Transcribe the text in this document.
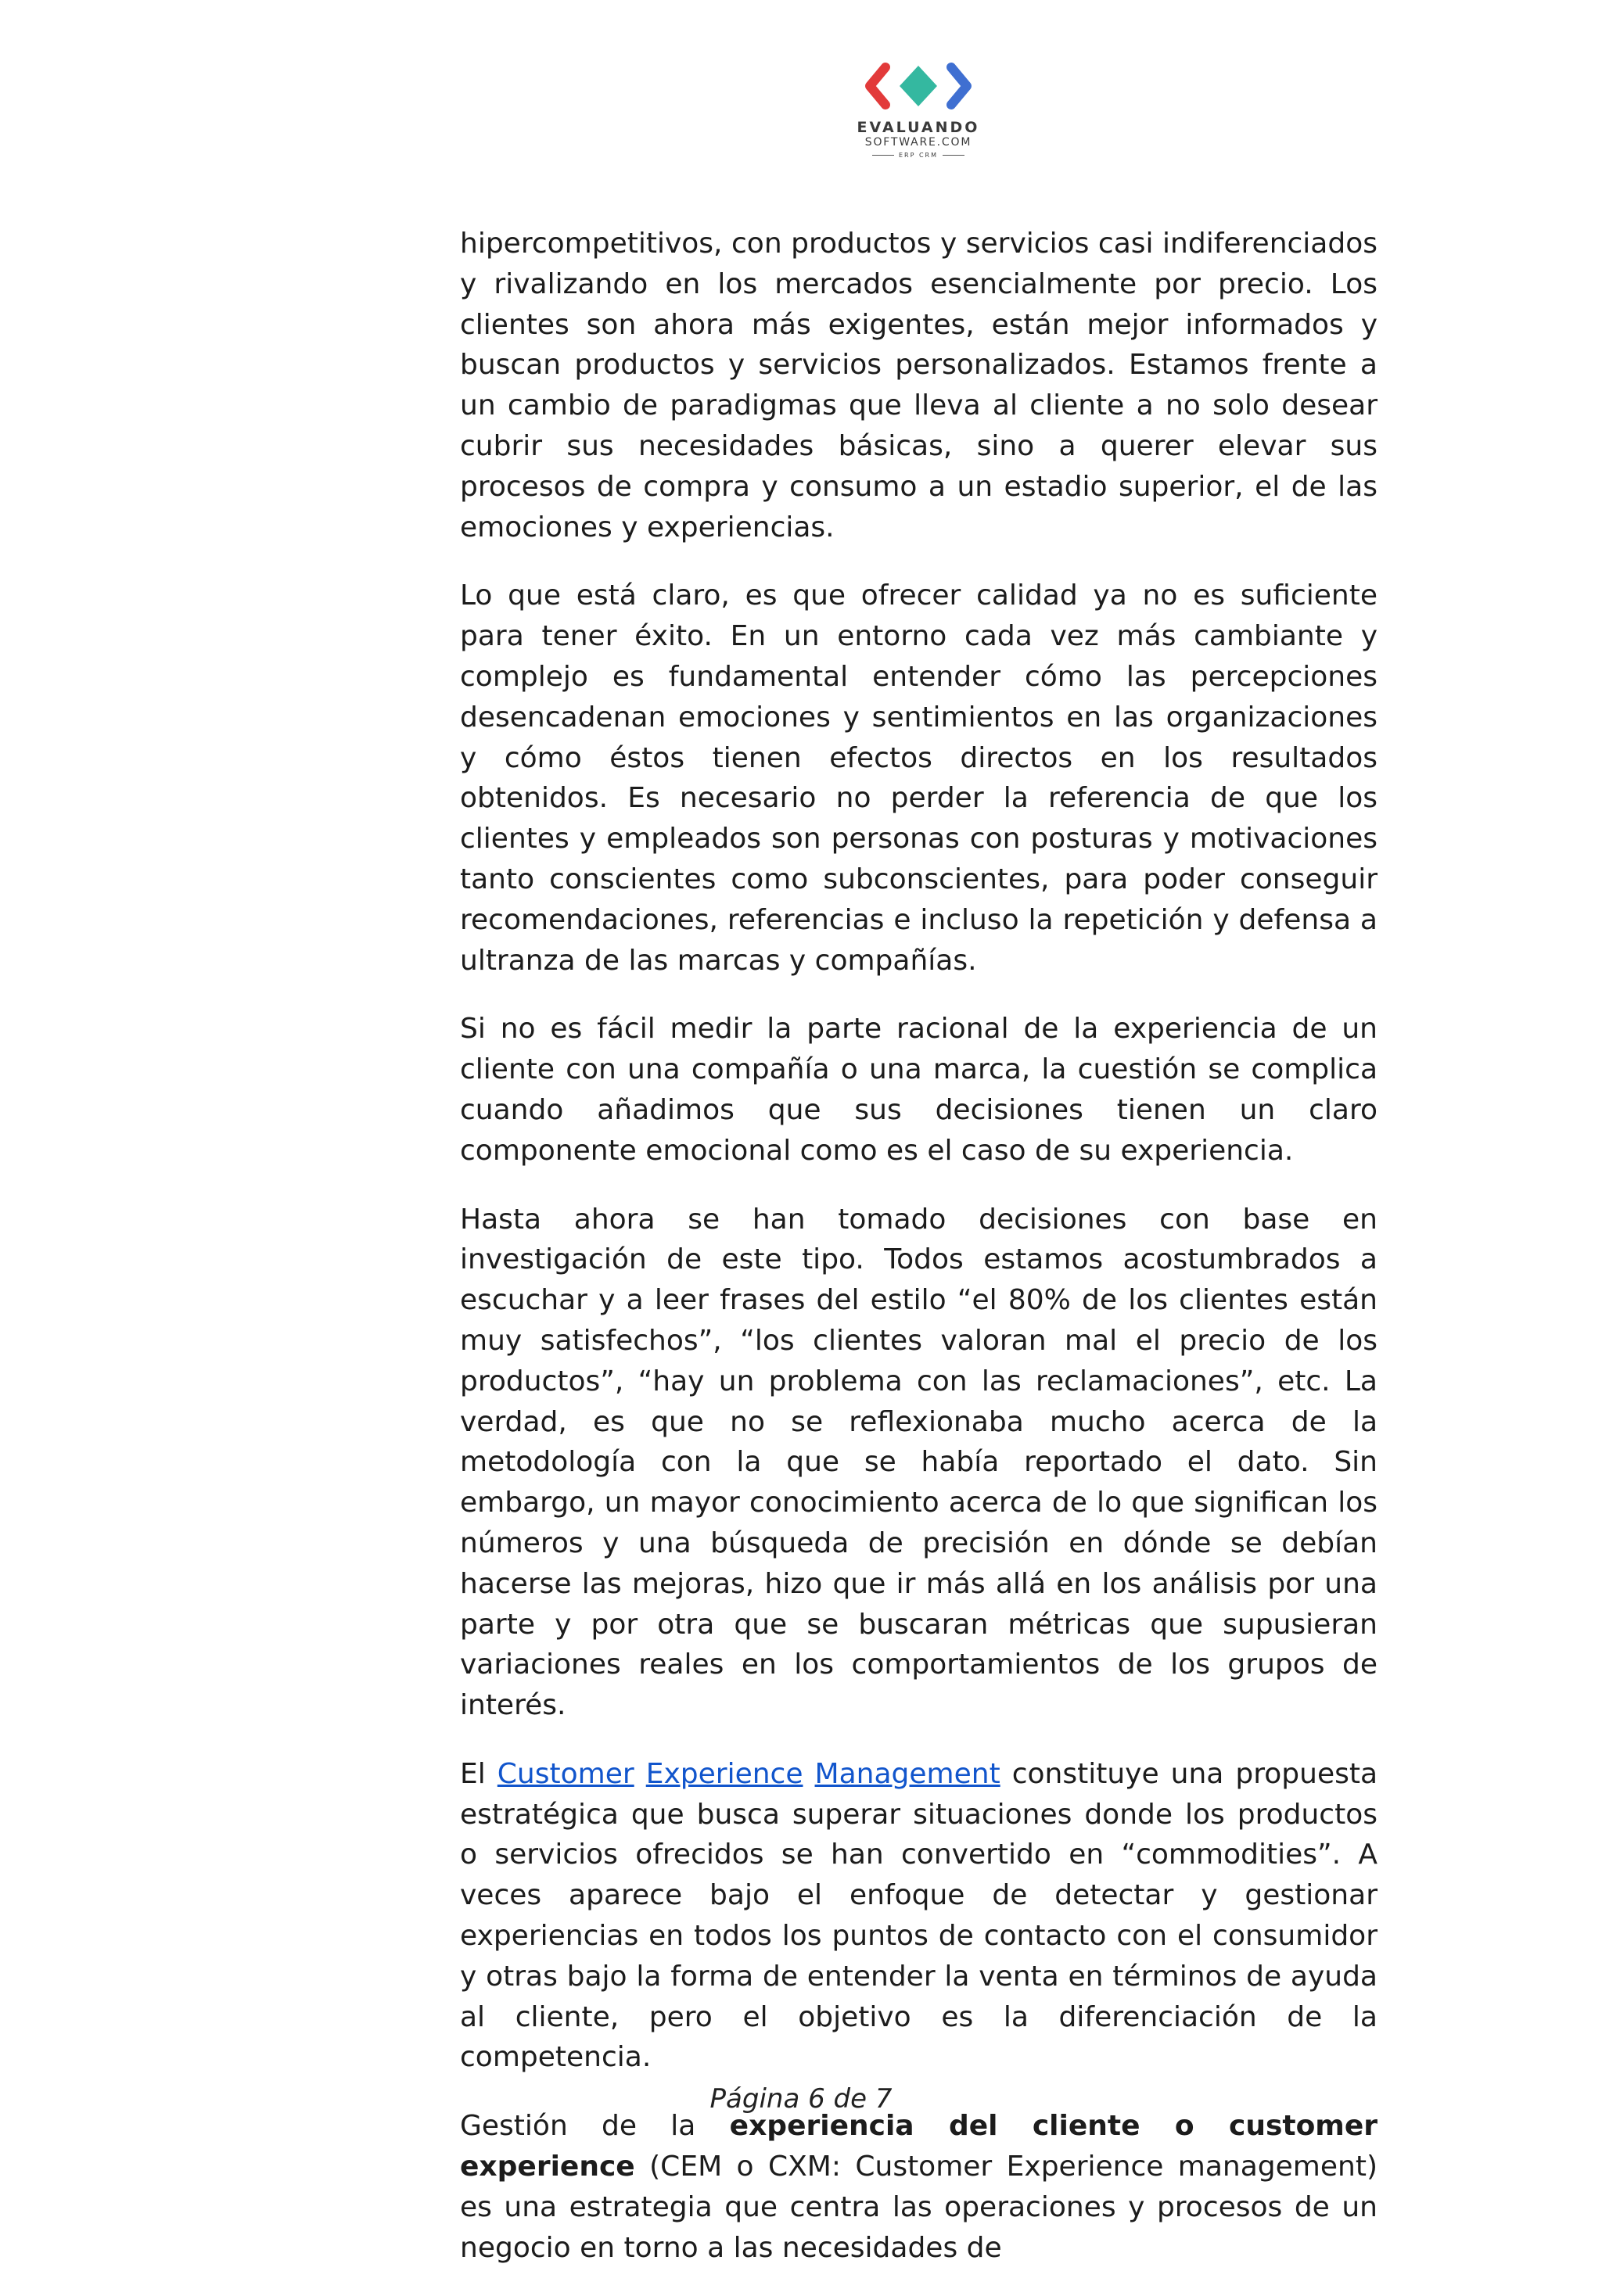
EVALUANDO
SOFTWARE.COM
ERP CRM

hipercompetitivos, con productos y servicios casi indiferenciados y rivalizando en los mercados esencialmente por precio. Los clientes son ahora más exigentes, están mejor informados y buscan productos y servicios personalizados. Estamos frente a un cambio de paradigmas que lleva al cliente a no solo desear cubrir sus necesidades básicas, sino a querer elevar sus procesos de compra y consumo a un estadio superior, el de las emociones y experiencias.

Lo que está claro, es que ofrecer calidad ya no es suficiente para tener éxito. En un entorno cada vez más cambiante y complejo es fundamental entender cómo las percepciones desencadenan emociones y sentimientos en las organizaciones y cómo éstos tienen efectos directos en los resultados obtenidos. Es necesario no perder la referencia de que los clientes y empleados son personas con posturas y motivaciones tanto conscientes como subconscientes, para poder conseguir recomendaciones, referencias e incluso la repetición y defensa a ultranza de las marcas y compañías.

Si no es fácil medir la parte racional de la experiencia de un cliente con una compañía o una marca, la cuestión se complica cuando añadimos que sus decisiones tienen un claro componente emocional como es el caso de su experiencia.

Hasta ahora se han tomado decisiones con base en investigación de este tipo. Todos estamos acostumbrados a escuchar y a leer frases del estilo “el 80% de los clientes están muy satisfechos”, “los clientes valoran mal el precio de los productos”, “hay un problema con las reclamaciones”, etc. La verdad, es que no se reflexionaba mucho acerca de la metodología con la que se había reportado el dato. Sin embargo, un mayor conocimiento acerca de lo que significan los números y una búsqueda de precisión en dónde se debían hacerse las mejoras, hizo que ir más allá en los análisis por una parte y por otra que se buscaran métricas que supusieran variaciones reales en los comportamientos de los grupos de interés.

El Customer Experience Management constituye una propuesta estratégica que busca superar situaciones donde los productos o servicios ofrecidos se han convertido en “commodities”. A veces aparece bajo el enfoque de detectar y gestionar experiencias en todos los puntos de contacto con el consumidor y otras bajo la forma de entender la venta en términos de ayuda al cliente, pero el objetivo es la diferenciación de la competencia.

Gestión de la experiencia del cliente o customer experience (CEM o CXM: Customer Experience management) es una estrategia que centra las operaciones y procesos de un negocio en torno a las necesidades de

Página 6 de 7
